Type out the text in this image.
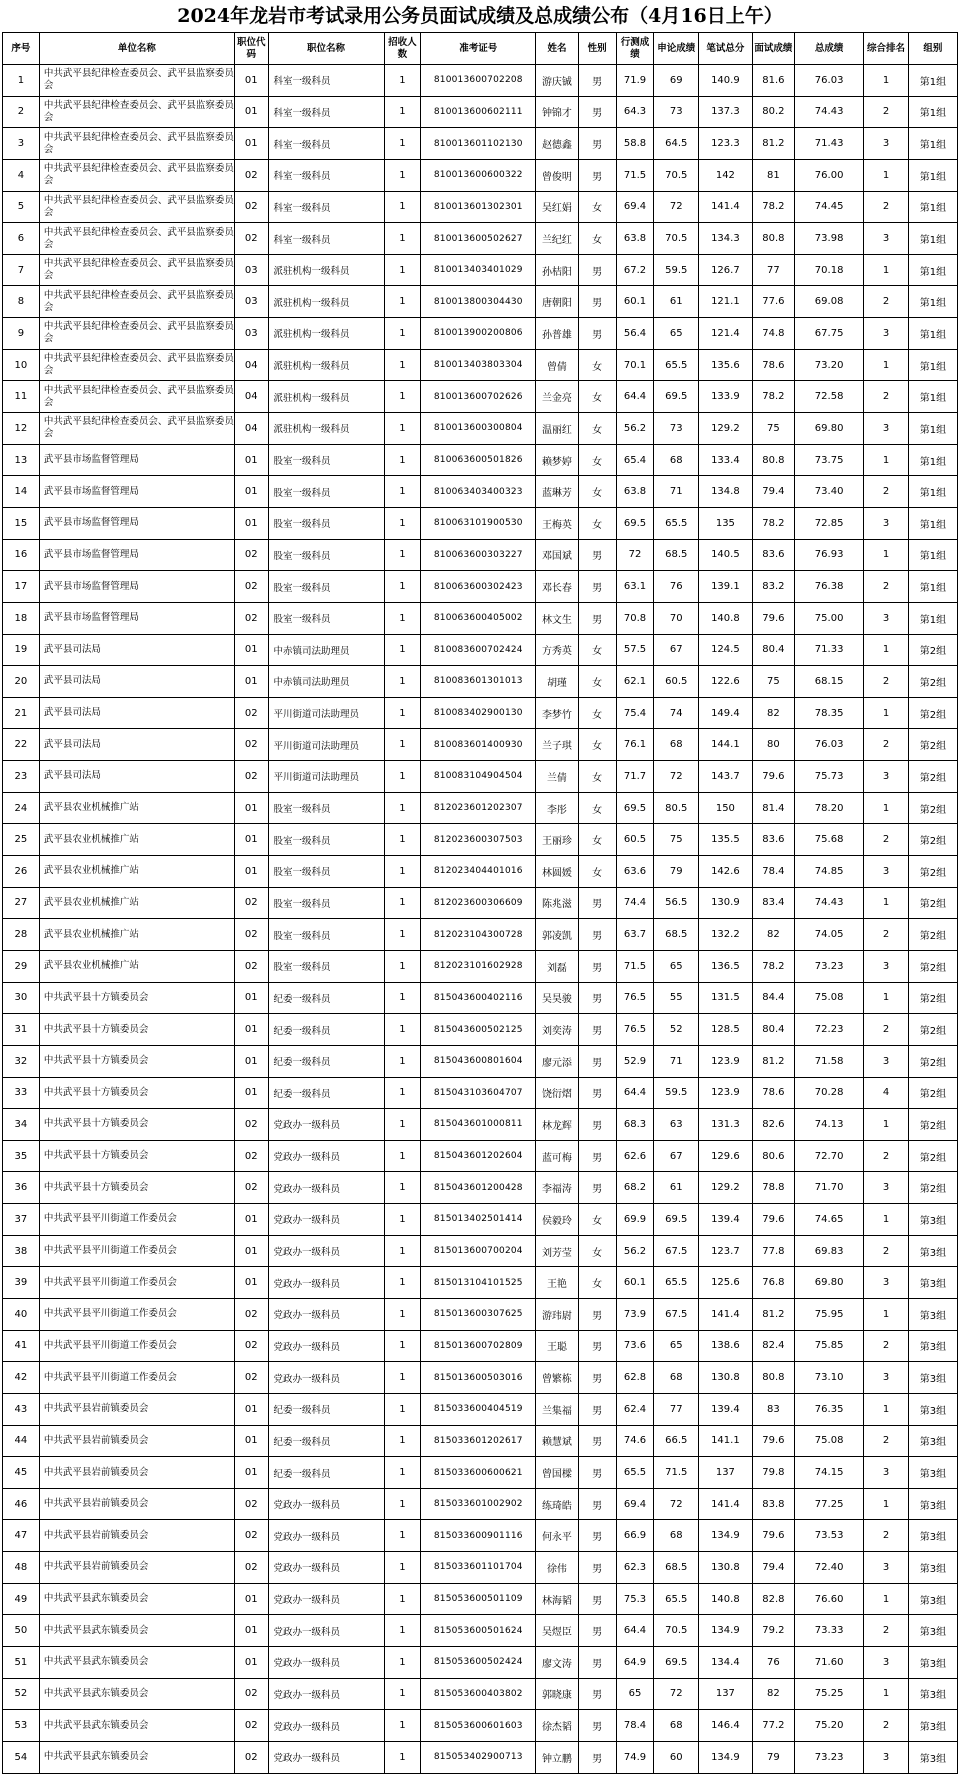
2024年龙岩市考试录用公务员面试成绩及总成绩公布（4月16日上午）
序号	单位名称	职位代码	职位名称	招收人数	准考证号	姓名	性别	行测成绩	申论成绩	笔试总分	面试成绩	总成绩	综合排名	组别
1	中共武平县纪律检查委员会、武平县监察委员会	01	科室一级科员	1	810013600702208	游庆铖	男	71.9	69	140.9	81.6	76.03	1	第1组
2	中共武平县纪律检查委员会、武平县监察委员会	01	科室一级科员	1	810013600602111	钟锦才	男	64.3	73	137.3	80.2	74.43	2	第1组
3	中共武平县纪律检查委员会、武平县监察委员会	01	科室一级科员	1	810013601102130	赵德鑫	男	58.8	64.5	123.3	81.2	71.43	3	第1组
4	中共武平县纪律检查委员会、武平县监察委员会	02	科室一级科员	1	810013600600322	曾俊明	男	71.5	70.5	142	81	76.00	1	第1组
5	中共武平县纪律检查委员会、武平县监察委员会	02	科室一级科员	1	810013601302301	吴红娟	女	69.4	72	141.4	78.2	74.45	2	第1组
6	中共武平县纪律检查委员会、武平县监察委员会	02	科室一级科员	1	810013600502627	兰纪红	女	63.8	70.5	134.3	80.8	73.98	3	第1组
7	中共武平县纪律检查委员会、武平县监察委员会	03	派驻机构一级科员	1	810013403401029	孙桔阳	男	67.2	59.5	126.7	77	70.18	1	第1组
8	中共武平县纪律检查委员会、武平县监察委员会	03	派驻机构一级科员	1	810013800304430	唐朝阳	男	60.1	61	121.1	77.6	69.08	2	第1组
9	中共武平县纪律检查委员会、武平县监察委员会	03	派驻机构一级科员	1	810013900200806	孙普雄	男	56.4	65	121.4	74.8	67.75	3	第1组
10	中共武平县纪律检查委员会、武平县监察委员会	04	派驻机构一级科员	1	810013403803304	曾倩	女	70.1	65.5	135.6	78.6	73.20	1	第1组
11	中共武平县纪律检查委员会、武平县监察委员会	04	派驻机构一级科员	1	810013600702626	兰金亮	女	64.4	69.5	133.9	78.2	72.58	2	第1组
12	中共武平县纪律检查委员会、武平县监察委员会	04	派驻机构一级科员	1	810013600300804	温丽红	女	56.2	73	129.2	75	69.80	3	第1组
13	武平县市场监督管理局	01	股室一级科员	1	810063600501826	赖梦婷	女	65.4	68	133.4	80.8	73.75	1	第1组
14	武平县市场监督管理局	01	股室一级科员	1	810063403400323	蓝琳芳	女	63.8	71	134.8	79.4	73.40	2	第1组
15	武平县市场监督管理局	01	股室一级科员	1	810063101900530	王梅英	女	69.5	65.5	135	78.2	72.85	3	第1组
16	武平县市场监督管理局	02	股室一级科员	1	810063600303227	邓国斌	男	72	68.5	140.5	83.6	76.93	1	第1组
17	武平县市场监督管理局	02	股室一级科员	1	810063600302423	邓长春	男	63.1	76	139.1	83.2	76.38	2	第1组
18	武平县市场监督管理局	02	股室一级科员	1	810063600405002	林文生	男	70.8	70	140.8	79.6	75.00	3	第1组
19	武平县司法局	01	中赤镇司法助理员	1	810083600702424	方秀英	女	57.5	67	124.5	80.4	71.33	1	第2组
20	武平县司法局	01	中赤镇司法助理员	1	810083601301013	胡瑾	女	62.1	60.5	122.6	75	68.15	2	第2组
21	武平县司法局	02	平川街道司法助理员	1	810083402900130	李梦竹	女	75.4	74	149.4	82	78.35	1	第2组
22	武平县司法局	02	平川街道司法助理员	1	810083601400930	兰子琪	女	76.1	68	144.1	80	76.03	2	第2组
23	武平县司法局	02	平川街道司法助理员	1	810083104904504	兰倩	女	71.7	72	143.7	79.6	75.73	3	第2组
24	武平县农业机械推广站	01	股室一级科员	1	812023601202307	李彤	女	69.5	80.5	150	81.4	78.20	1	第2组
25	武平县农业机械推广站	01	股室一级科员	1	812023600307503	王丽珍	女	60.5	75	135.5	83.6	75.68	2	第2组
26	武平县农业机械推广站	01	股室一级科员	1	812023404401016	林圆媛	女	63.6	79	142.6	78.4	74.85	3	第2组
27	武平县农业机械推广站	02	股室一级科员	1	812023600306609	陈兆滋	男	74.4	56.5	130.9	83.4	74.43	1	第2组
28	武平县农业机械推广站	02	股室一级科员	1	812023104300728	郭凌凯	男	63.7	68.5	132.2	82	74.05	2	第2组
29	武平县农业机械推广站	02	股室一级科员	1	812023101602928	刘磊	男	71.5	65	136.5	78.2	73.23	3	第2组
30	中共武平县十方镇委员会	01	纪委一级科员	1	815043600402116	吴昊骏	男	76.5	55	131.5	84.4	75.08	1	第2组
31	中共武平县十方镇委员会	01	纪委一级科员	1	815043600502125	刘奕涛	男	76.5	52	128.5	80.4	72.23	2	第2组
32	中共武平县十方镇委员会	01	纪委一级科员	1	815043600801604	廖元添	男	52.9	71	123.9	81.2	71.58	3	第2组
33	中共武平县十方镇委员会	01	纪委一级科员	1	815043103604707	饶衍熠	男	64.4	59.5	123.9	78.6	70.28	4	第2组
34	中共武平县十方镇委员会	02	党政办一级科员	1	815043601000811	林龙辉	男	68.3	63	131.3	82.6	74.13	1	第2组
35	中共武平县十方镇委员会	02	党政办一级科员	1	815043601202604	蓝可梅	男	62.6	67	129.6	80.6	72.70	2	第2组
36	中共武平县十方镇委员会	02	党政办一级科员	1	815043601200428	李福涛	男	68.2	61	129.2	78.8	71.70	3	第2组
37	中共武平县平川街道工作委员会	01	党政办一级科员	1	815013402501414	侯毅玲	女	69.9	69.5	139.4	79.6	74.65	1	第3组
38	中共武平县平川街道工作委员会	01	党政办一级科员	1	815013600700204	刘芳莹	女	56.2	67.5	123.7	77.8	69.83	2	第3组
39	中共武平县平川街道工作委员会	01	党政办一级科员	1	815013104101525	王艳	女	60.1	65.5	125.6	76.8	69.80	3	第3组
40	中共武平县平川街道工作委员会	02	党政办一级科员	1	815013600307625	游玮尉	男	73.9	67.5	141.4	81.2	75.95	1	第3组
41	中共武平县平川街道工作委员会	02	党政办一级科员	1	815013600702809	王聪	男	73.6	65	138.6	82.4	75.85	2	第3组
42	中共武平县平川街道工作委员会	02	党政办一级科员	1	815013600503016	曾繁栋	男	62.8	68	130.8	80.8	73.10	3	第3组
43	中共武平县岩前镇委员会	01	纪委一级科员	1	815033600404519	兰集福	男	62.4	77	139.4	83	76.35	1	第3组
44	中共武平县岩前镇委员会	01	纪委一级科员	1	815033601202617	赖慧斌	男	74.6	66.5	141.1	79.6	75.08	2	第3组
45	中共武平县岩前镇委员会	01	纪委一级科员	1	815033600600621	曾国樑	男	65.5	71.5	137	79.8	74.15	3	第3组
46	中共武平县岩前镇委员会	02	党政办一级科员	1	815033601002902	练琦皓	男	69.4	72	141.4	83.8	77.25	1	第3组
47	中共武平县岩前镇委员会	02	党政办一级科员	1	815033600901116	何永平	男	66.9	68	134.9	79.6	73.53	2	第3组
48	中共武平县岩前镇委员会	02	党政办一级科员	1	815033601101704	徐伟	男	62.3	68.5	130.8	79.4	72.40	3	第3组
49	中共武平县武东镇委员会	01	党政办一级科员	1	815053600501109	林海韬	男	75.3	65.5	140.8	82.8	76.60	1	第3组
50	中共武平县武东镇委员会	01	党政办一级科员	1	815053600501624	吴煜臣	男	64.4	70.5	134.9	79.2	73.33	2	第3组
51	中共武平县武东镇委员会	01	党政办一级科员	1	815053600502424	廖文涛	男	64.9	69.5	134.4	76	71.60	3	第3组
52	中共武平县武东镇委员会	02	党政办一级科员	1	815053600403802	郭晓康	男	65	72	137	82	75.25	1	第3组
53	中共武平县武东镇委员会	02	党政办一级科员	1	815053600601603	徐杰韬	男	78.4	68	146.4	77.2	75.20	2	第3组
54	中共武平县武东镇委员会	02	党政办一级科员	1	815053402900713	钟立鹏	男	74.9	60	134.9	79	73.23	3	第3组
